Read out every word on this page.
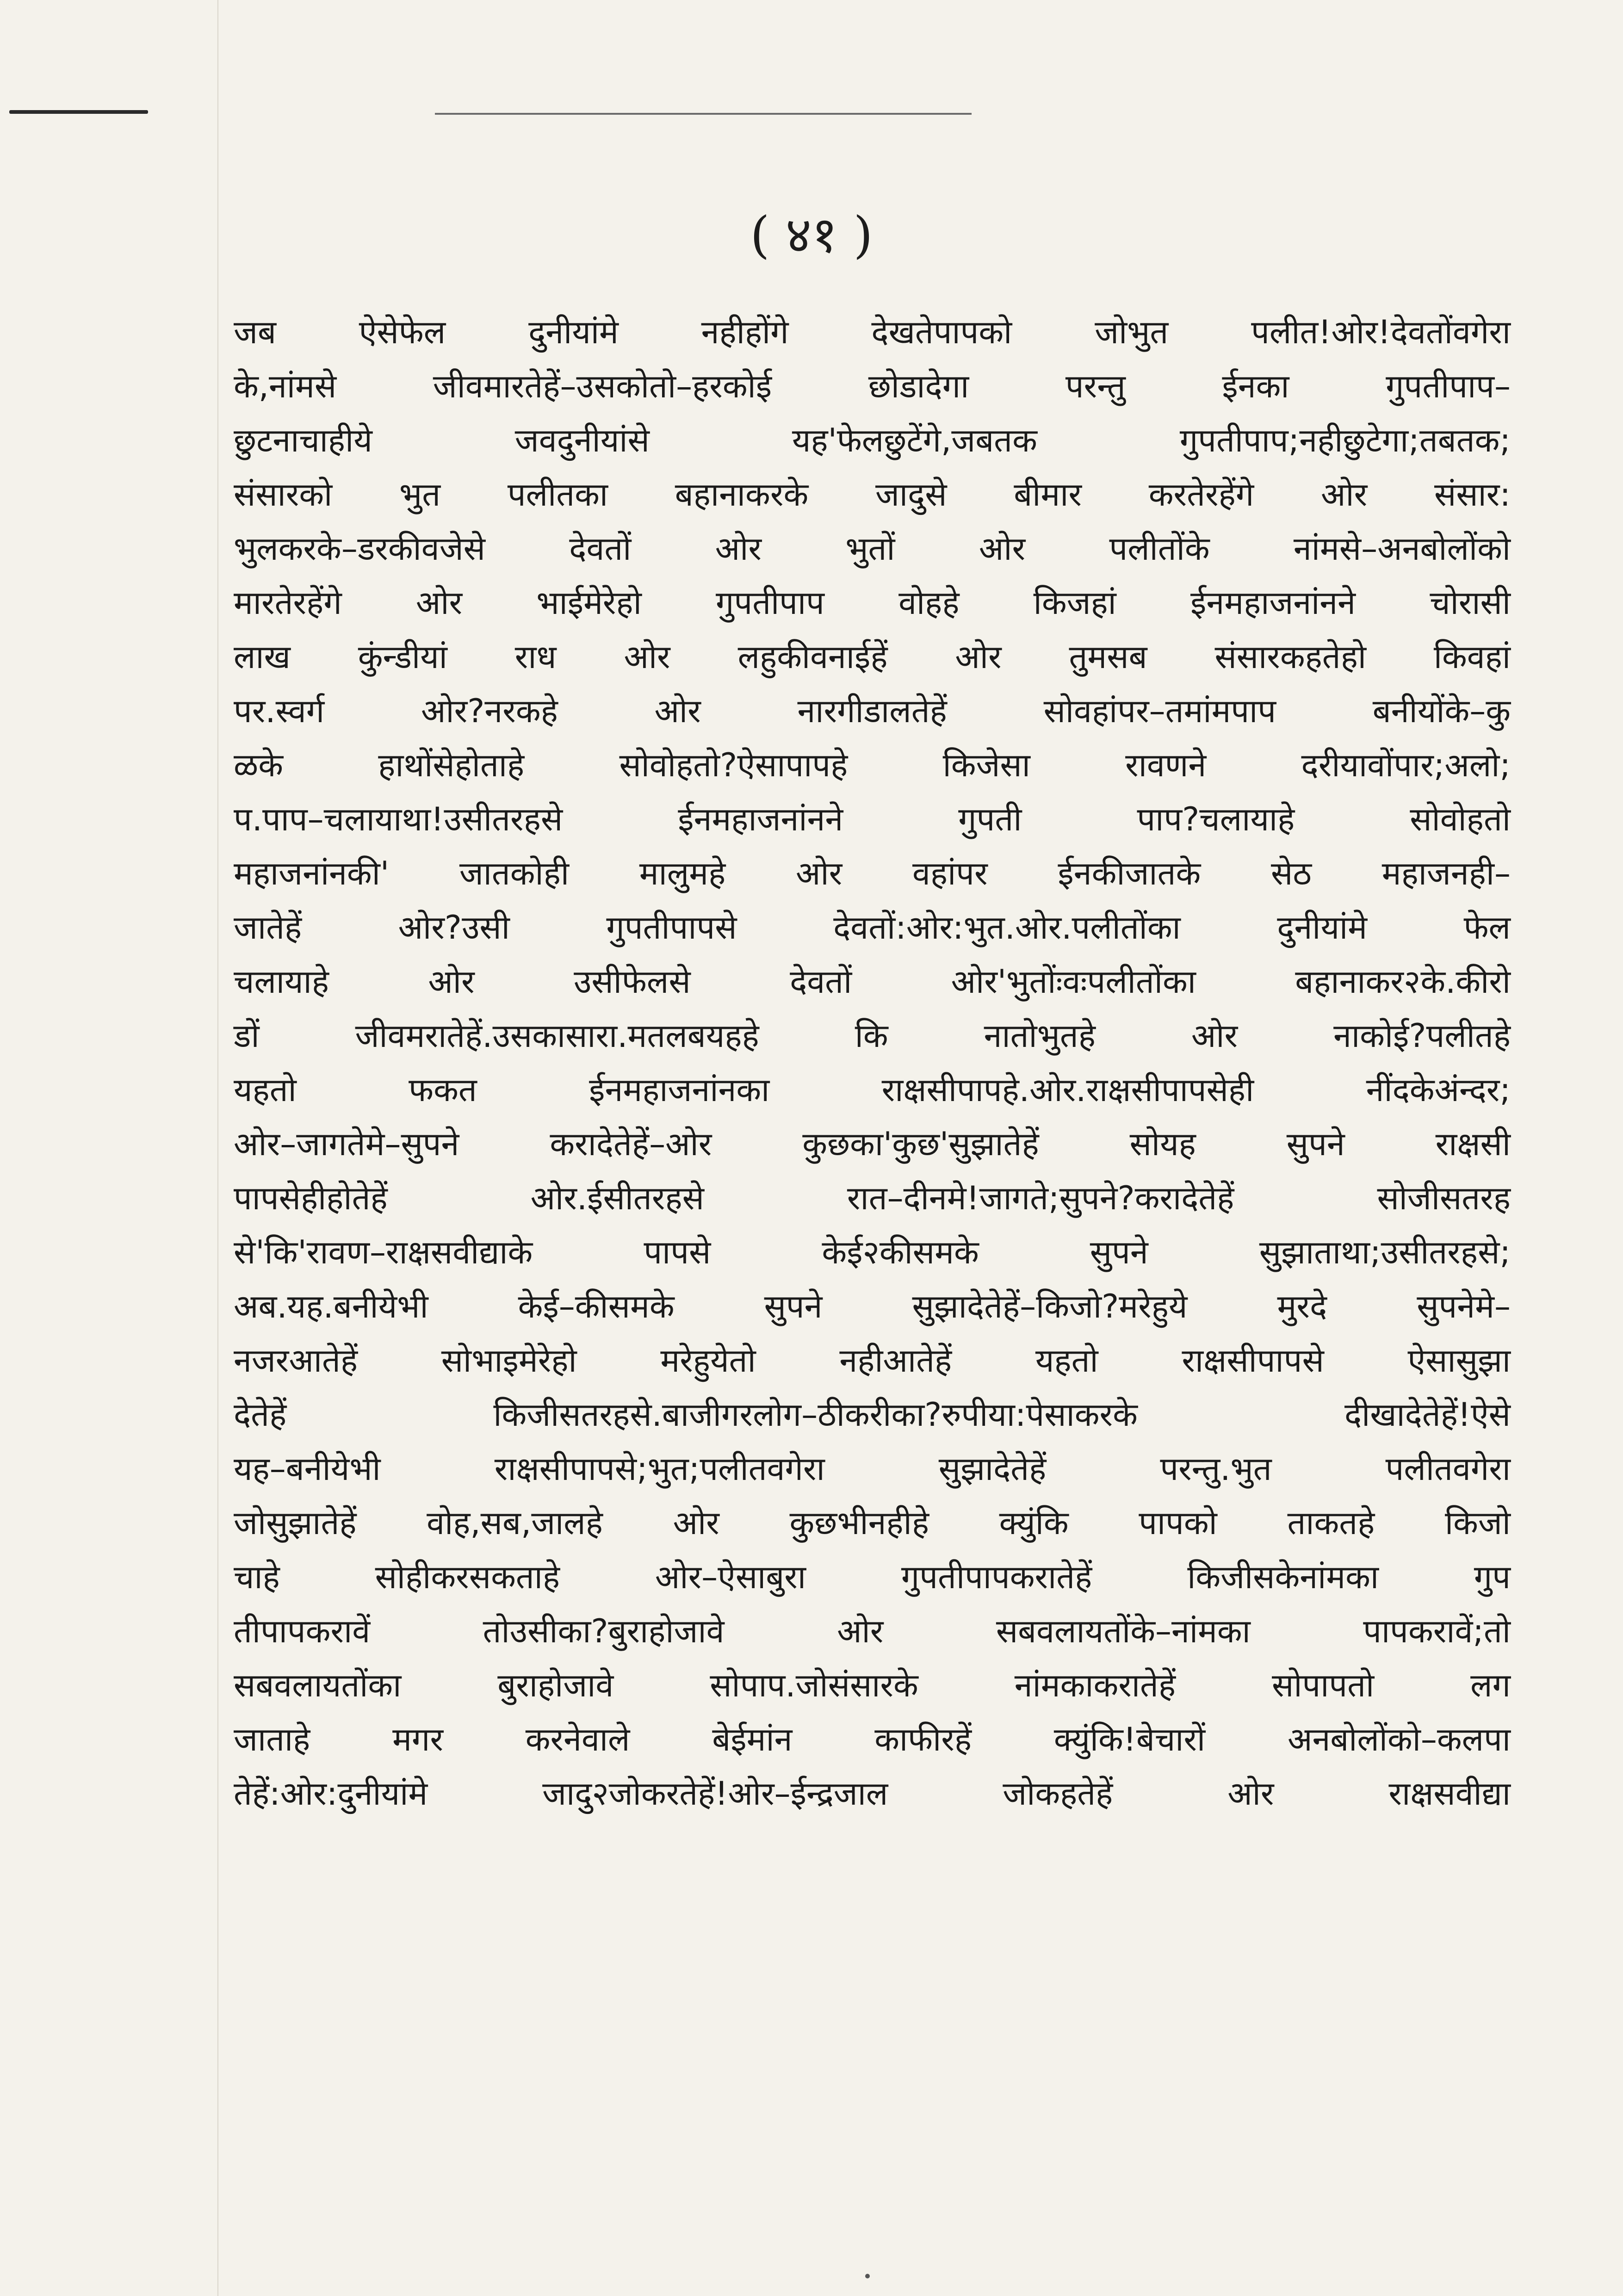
( ४१ )
जब ऐसेफेल दुनीयांमे नहीहोंगे देखतेपापको जोभुत पलीत!ओर!देवतोंवगेरा
के,नांमसे जीवमारतेहें–उसकोतो–हरकोई छोडादेगा परन्तु ईनका गुपतीपाप–
छुटनाचाहीये जवदुनीयांसे यह'फेलछुटेंगे,जबतक गुपतीपाप;नहीछुटेगा;तबतक;
संसारको भुत पलीतका बहानाकरके जादुसे बीमार करतेरहेंगे ओर संसार:
भुलकरके–डरकीवजेसे देवतों ओर भुतों ओर पलीतोंके नांमसे–अनबोलोंको
मारतेरहेंगे ओर भाईमेरेहो गुपतीपाप वोहहे किजहां ईनमहाजनांनने चोरासी
लाख कुंन्डीयां राध ओर लहुकीवनाईहें ओर तुमसब संसारकहतेहो किवहां
पर.स्वर्ग ओर?नरकहे ओर नारगीडालतेहें सोवहांपर–तमांमपाप बनीयोंके–कु
ळके हाथोंसेहोताहे सोवोहतो?ऐसापापहे किजेसा रावणने दरीयावोंपार;अलो;
प.पाप–चलायाथा!उसीतरहसे ईनमहाजनांनने गुपती पाप?चलायाहे सोवोहतो
महाजनांनकी' जातकोही मालुमहे ओर वहांपर ईनकीजातके सेठ महाजनही–
जातेहें ओर?उसी गुपतीपापसे देवतों:ओर:भुत.ओर.पलीतोंका दुनीयांमे फेल
चलायाहे ओर उसीफेलसे देवतों ओर'भुतोंःवःपलीतोंका बहानाकर२के.कीरो
डों जीवमरातेहें.उसकासारा.मतलबयहहे कि नातोभुतहे ओर नाकोई?पलीतहे
यहतो फकत ईनमहाजनांनका राक्षसीपापहे.ओर.राक्षसीपापसेही नींदकेअंन्दर;
ओर–जागतेमे–सुपने करादेतेहें–ओर कुछका'कुछ'सुझातेहें सोयह सुपने राक्षसी
पापसेहीहोतेहें ओर.ईसीतरहसे रात–दीनमे!जागते;सुपने?करादेतेहें सोजीसतरह
से'कि'रावण–राक्षसवीद्याके पापसे केई२कीसमके सुपने सुझाताथा;उसीतरहसे;
अब.यह.बनीयेभी केई–कीसमके सुपने सुझादेतेहें–किजो?मरेहुये मुरदे सुपनेमे–
नजरआतेहें सोभाइमेरेहो मरेहुयेतो नहीआतेहें यहतो राक्षसीपापसे ऐसासुझा
देतेहें किजीसतरहसे.बाजीगरलोग–ठीकरीका?रुपीया:पेसाकरके दीखादेतेहें!ऐसे
यह–बनीयेभी राक्षसीपापसे;भुत;पलीतवगेरा सुझादेतेहें परन्तु.भुत पलीतवगेरा
जोसुझातेहें वोह,सब,जालहे ओर कुछभीनहीहे क्युंकि पापको ताकतहे किजो
चाहे सोहीकरसकताहे ओर–ऐसाबुरा गुपतीपापकरातेहें किजीसकेनांमका गुप
तीपापकरावें तोउसीका?बुराहोजावे ओर सबवलायतोंके–नांमका पापकरावें;तो
सबवलायतोंका बुराहोजावे सोपाप.जोसंसारके नांमकाकरातेहें सोपापतो लग
जाताहे मगर करनेवाले बेईमांन काफीरहें क्युंकि!बेचारों अनबोलोंको–कलपा
तेहें:ओर:दुनीयांमे जादु२जोकरतेहें!ओर–ईन्द्रजाल जोकहतेहें ओर राक्षसवीद्या
